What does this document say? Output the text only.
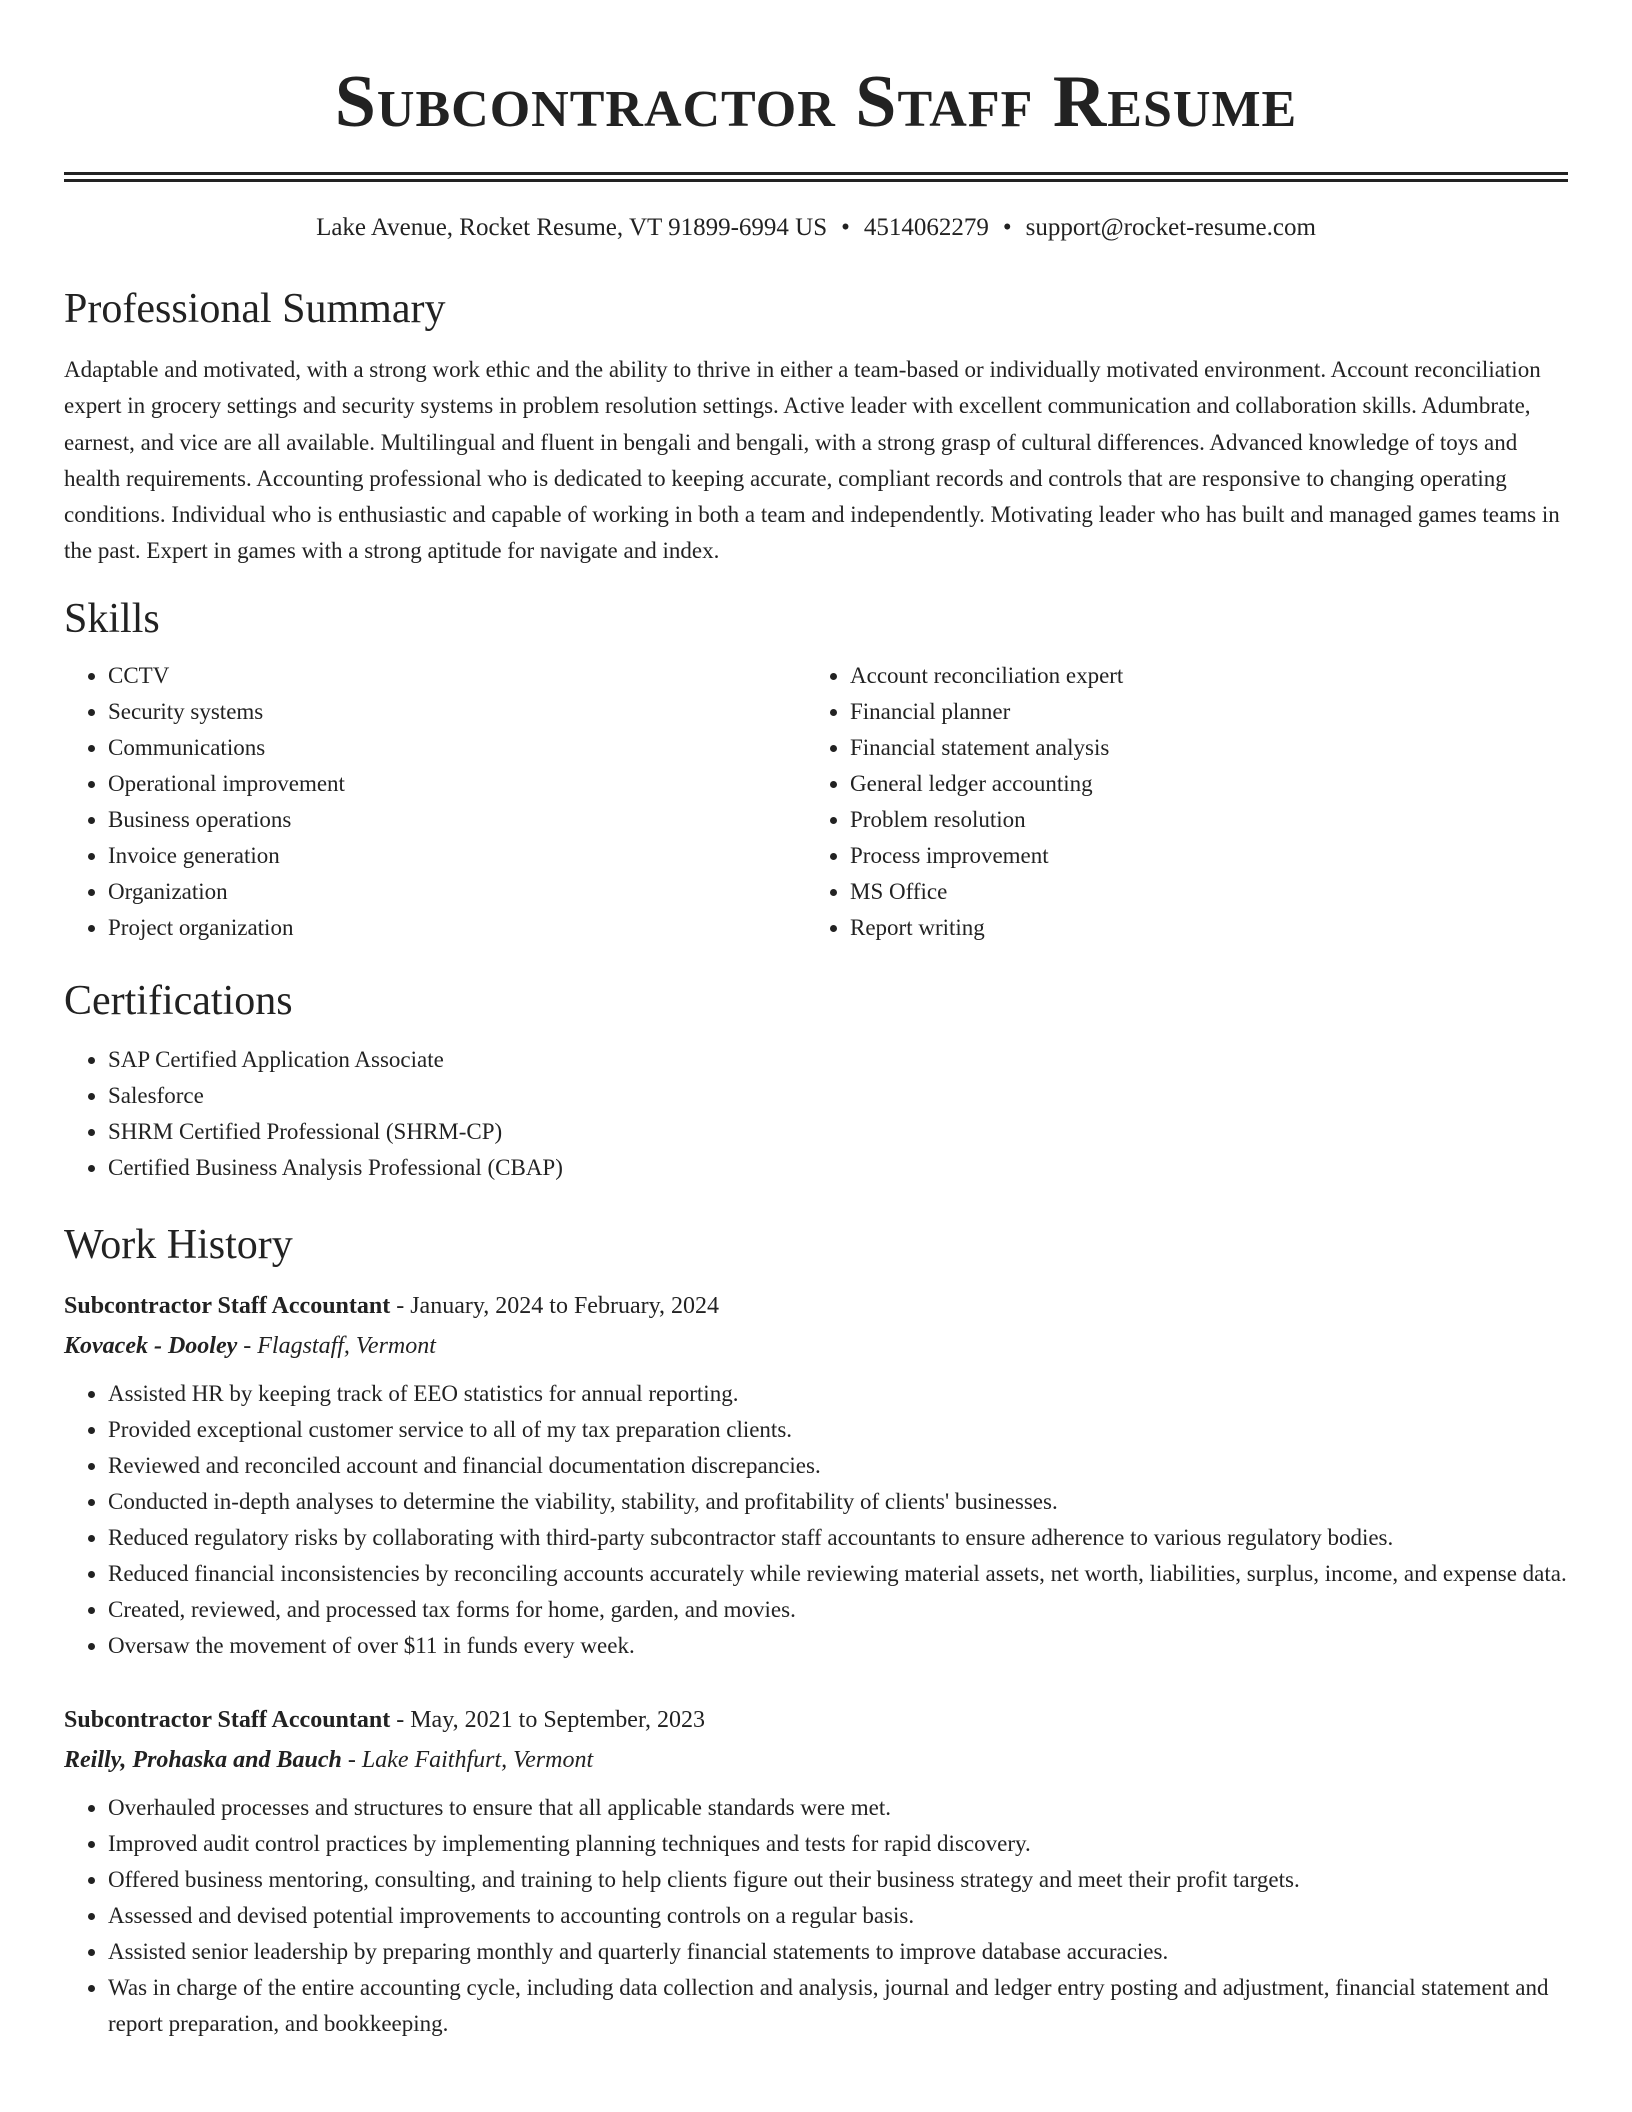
Subcontractor Staff Resume
Lake Avenue, Rocket Resume, VT 91899-6994 US • 4514062279 • support@rocket-resume.com
Professional Summary

Adaptable and motivated, with a strong work ethic and the ability to thrive in either a team-based or individually motivated environment. Account reconciliation expert in grocery settings and security systems in problem resolution settings. Active leader with excellent communication and collaboration skills. Adumbrate, earnest, and vice are all available. Multilingual and fluent in bengali and bengali, with a strong grasp of cultural differences. Advanced knowledge of toys and health requirements. Accounting professional who is dedicated to keeping accurate, compliant records and controls that are responsive to changing operating conditions. Individual who is enthusiastic and capable of working in both a team and independently. Motivating leader who has built and managed games teams in the past. Expert in games with a strong aptitude for navigate and index.

Skills
• CCTV
• Security systems
• Communications
• Operational improvement
• Business operations
• Invoice generation
• Organization
• Project organization
• Account reconciliation expert
• Financial planner
• Financial statement analysis
• General ledger accounting
• Problem resolution
• Process improvement
• MS Office
• Report writing
Certifications
• SAP Certified Application Associate
• Salesforce
• SHRM Certified Professional (SHRM-CP)
• Certified Business Analysis Professional (CBAP)
Work History
Subcontractor Staff Accountant - January, 2024 to February, 2024
Kovacek - Dooley - Flagstaff, Vermont
• Assisted HR by keeping track of EEO statistics for annual reporting.
• Provided exceptional customer service to all of my tax preparation clients.
• Reviewed and reconciled account and financial documentation discrepancies.
• Conducted in-depth analyses to determine the viability, stability, and profitability of clients' businesses.
• Reduced regulatory risks by collaborating with third-party subcontractor staff accountants to ensure adherence to various regulatory bodies.
• Reduced financial inconsistencies by reconciling accounts accurately while reviewing material assets, net worth, liabilities, surplus, income, and expense data.
• Created, reviewed, and processed tax forms for home, garden, and movies.
• Oversaw the movement of over $11 in funds every week.
Subcontractor Staff Accountant - May, 2021 to September, 2023
Reilly, Prohaska and Bauch - Lake Faithfurt, Vermont
• Overhauled processes and structures to ensure that all applicable standards were met.
• Improved audit control practices by implementing planning techniques and tests for rapid discovery.
• Offered business mentoring, consulting, and training to help clients figure out their business strategy and meet their profit targets.
• Assessed and devised potential improvements to accounting controls on a regular basis.
• Assisted senior leadership by preparing monthly and quarterly financial statements to improve database accuracies.
• Was in charge of the entire accounting cycle, including data collection and analysis, journal and ledger entry posting and adjustment, financial statement and report preparation, and bookkeeping.
